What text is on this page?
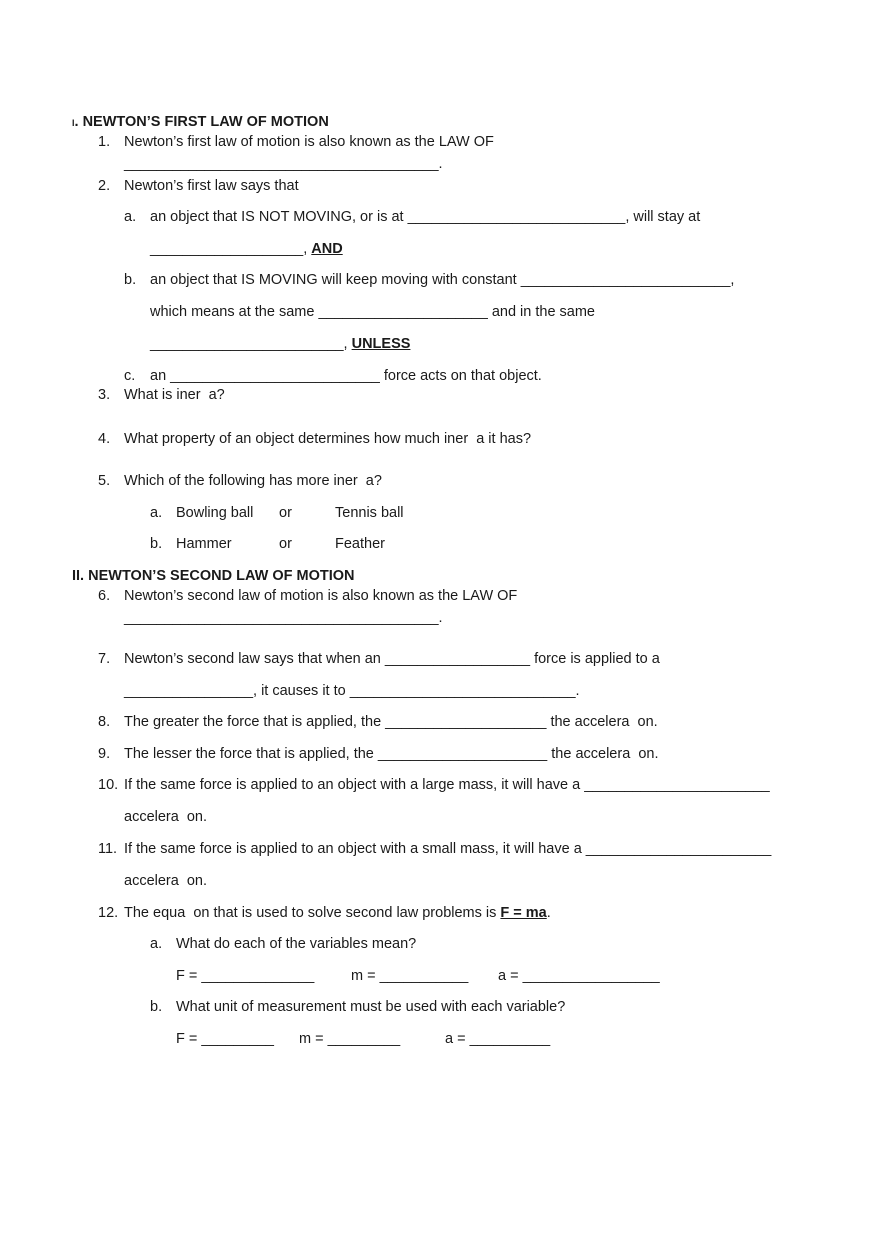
I. NEWTON’S FIRST LAW OF MOTION
1. Newton’s first law of motion is also known as the LAW OF
_______________________________________.
2. Newton’s first law says that
a. an object that IS NOT MOVING, or is at ___________________________, will stay at
___________________, AND
b. an object that IS MOVING will keep moving with constant __________________________,
which means at the same _____________________ and in the same
________________________, UNLESS
c. an __________________________ force acts on that object.
3. What is iner  a?
4. What property of an object determines how much iner  a it has?
5. Which of the following has more iner  a?
a. Bowling ball or	Tennis ball
b. Hammer	or	Feather
II. NEWTON’S SECOND LAW OF MOTION
6. Newton’s second law of motion is also known as the LAW OF
_______________________________________.
7. Newton’s second law says that when an __________________ force is applied to a
________________, it causes it to ____________________________.
8. The greater the force that is applied, the ____________________ the accelera  on.
9. The lesser the force that is applied, the _____________________ the accelera  on.
10. If the same force is applied to an object with a large mass, it will have a _______________________
accelera  on.
11. If the same force is applied to an object with a small mass, it will have a _______________________
accelera  on.
12. The equa  on that is used to solve second law problems is F = ma.
a. What do each of the variables mean?
F = ______________	m = ___________ a = _________________
b. What unit of measurement must be used with each variable?
F = _________ m = _________	a = __________
